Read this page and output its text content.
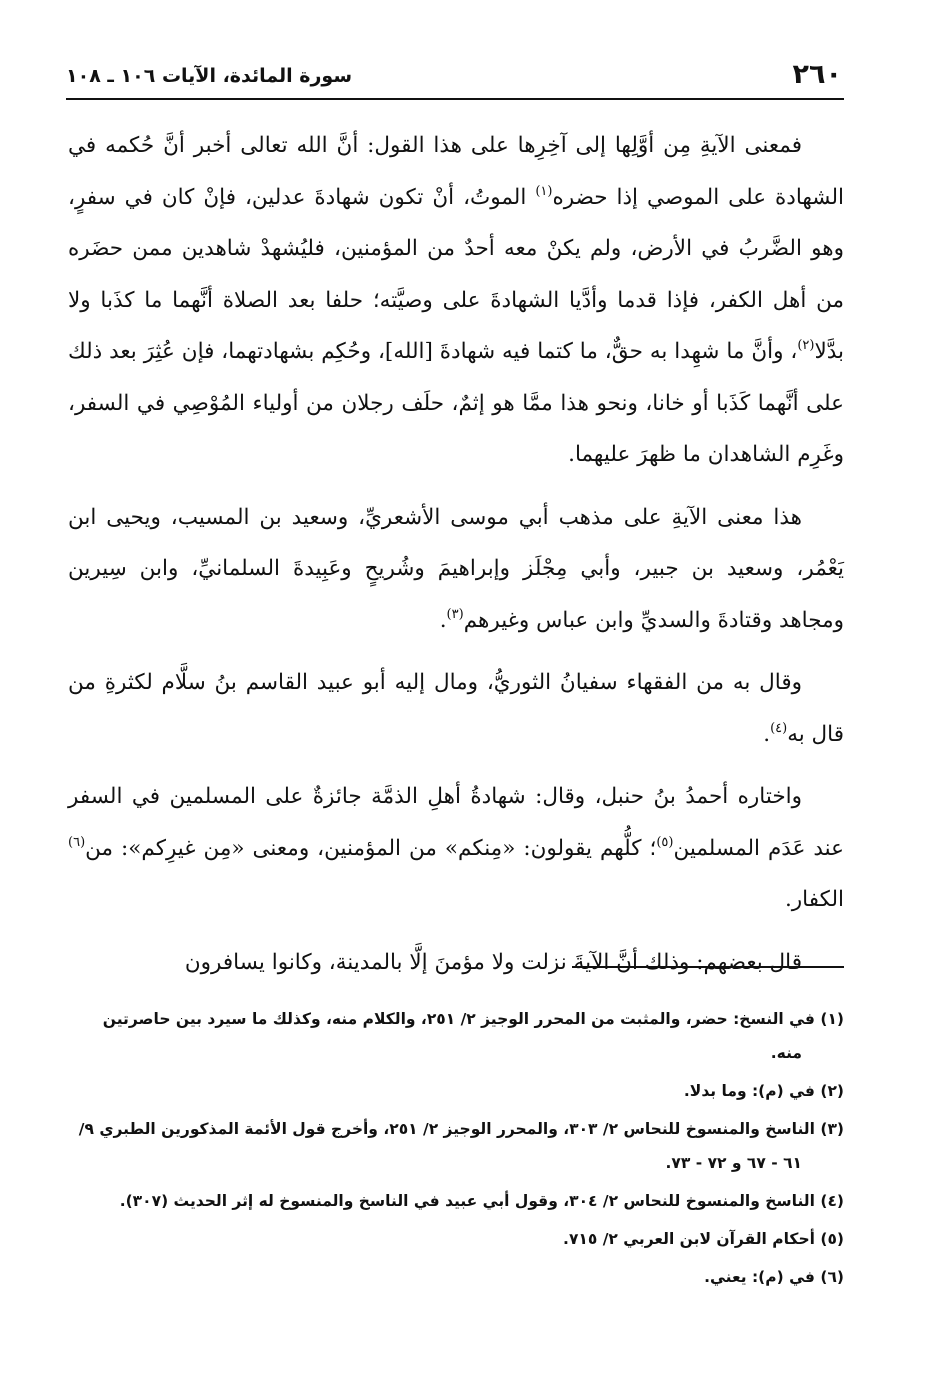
٢٦٠
سورة المائدة، الآيات ١٠٦ ـ ١٠٨

فمعنى الآيةِ مِن أوَّلِها إلى آخِرِها على هذا القول: أنَّ الله تعالى أخبر أنَّ حُكمه في الشهادة على الموصي إذا حضره$^{(١)}$ الموتُ، أنْ تكون شهادةَ عدلين، فإنْ كان في سفرٍ، وهو الضَّربُ في الأرض، ولم يكنْ معه أحدٌ من المؤمنين، فليُشهدْ شاهدين ممن حضَره من أهل الكفر، فإذا قدما وأدَّيا الشهادةَ على وصيَّته؛ حلفا بعد الصلاة أنَّهما ما كذَبا ولا بدَّلا$^{(٢)}$، وأنَّ ما شهِدا به حقٌّ، ما كتما فيه شهادةَ [الله]، وحُكِم بشهادتهما، فإن عُثِرَ بعد ذلك على أنَّهما كَذَبا أو خانا، ونحو هذا ممَّا هو إثمٌ، حلَف رجلان من أولياء المُوْصِي في السفر، وغَرِم الشاهدان ما ظهرَ عليهما.

هذا معنى الآيةِ على مذهب أبي موسى الأشعريِّ، وسعيد بن المسيب، ويحيى ابن يَعْمُر، وسعيد بن جبير، وأبي مِجْلَز وإبراهيمَ وشُريحٍ وعَبِيدةَ السلمانيِّ، وابن سِيرين ومجاهد وقتادةَ والسديِّ وابن عباس وغيرهم$^{(٣)}$.

وقال به من الفقهاء سفيانُ الثوريُّ، ومال إليه أبو عبيد القاسم بنُ سلَّام لكثرةِ من قال به$^{(٤)}$.

واختاره أحمدُ بنُ حنبل، وقال: شهادةُ أهلِ الذمَّة جائزةٌ على المسلمين في السفر عند عَدَم المسلمين$^{(٥)}$؛ كلُّهم يقولون: «مِنكم» من المؤمنين، ومعنى «مِن غيرِكم»: من$^{(٦)}$ الكفار.

قال بعضهم: وذلك أنَّ الآيةَ نزلت ولا مؤمنَ إلَّا بالمدينة، وكانوا يسافرون

(١) في النسخ: حضر، والمثبت من المحرر الوجيز ٢/ ٢٥١، والكلام منه، وكذلك ما سيرد بين حاصرتين منه.
(٢) في (م): وما بدلا.
(٣) الناسخ والمنسوخ للنحاس ٢/ ٣٠٣، والمحرر الوجيز ٢/ ٢٥١، وأخرج قول الأئمة المذكورين الطبري ٩/ ٦١ - ٦٧ و ٧٢ - ٧٣.
(٤) الناسخ والمنسوخ للنحاس ٢/ ٣٠٤، وقول أبي عبيد في الناسخ والمنسوخ له إثر الحديث (٣٠٧).
(٥) أحكام القرآن لابن العربي ٢/ ٧١٥.
(٦) في (م): يعني.
